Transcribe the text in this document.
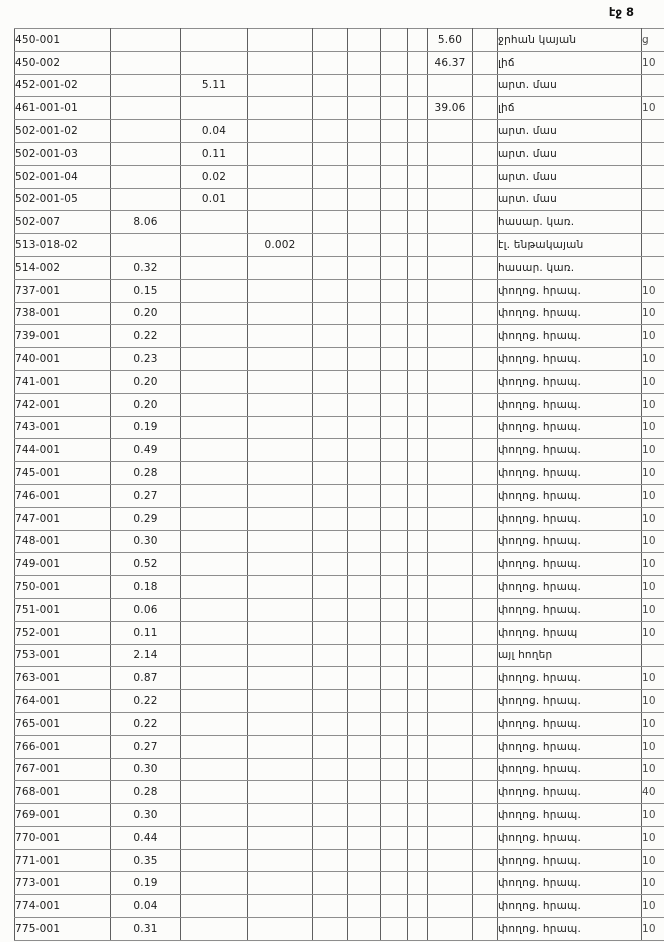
էջ 8
450-001								5.60		ջրհան կայան	ց
450-002								46.37		լիճ	10
452-001-02		5.11								արտ. մաս	
461-001-01								39.06		լիճ	10
502-001-02		0.04								արտ. մաս	
502-001-03		0.11								արտ. մաս	
502-001-04		0.02								արտ. մաս	
502-001-05		0.01								արտ. մաս	
502-007	8.06									հասար. կառ.	
513-018-02			0.002							էլ. ենթակայան	
514-002	0.32									հասար. կառ.	
737-001	0.15									փողոց. հրապ.	10
738-001	0.20									փողոց. հրապ.	10
739-001	0.22									փողոց. հրապ.	10
740-001	0.23									փողոց. հրապ.	10
741-001	0.20									փողոց. հրապ.	10
742-001	0.20									փողոց. հրապ.	10
743-001	0.19									փողոց. հրապ.	10
744-001	0.49									փողոց. հրապ.	10
745-001	0.28									փողոց. հրապ.	10
746-001	0.27									փողոց. հրապ.	10
747-001	0.29									փողոց. հրապ.	10
748-001	0.30									փողոց. հրապ.	10
749-001	0.52									փողոց. հրապ.	10
750-001	0.18									փողոց. հրապ.	10
751-001	0.06									փողոց. հրապ.	10
752-001	0.11									փողոց. հրապ	10
753-001	2.14									այլ հողեր	
763-001	0.87									փողոց. հրապ.	10
764-001	0.22									փողոց. հրապ.	10
765-001	0.22									փողոց. հրապ.	10
766-001	0.27									փողոց. հրապ.	10
767-001	0.30									փողոց. հրապ.	10
768-001	0.28									փողոց. հրապ.	40
769-001	0.30									փողոց. հրապ.	10
770-001	0.44									փողոց. հրապ.	10
771-001	0.35									փողոց. հրապ.	10
773-001	0.19									փողոց. հրապ.	10
774-001	0.04									փողոց. հրապ.	10
775-001	0.31									փողոց. հրապ.	10
